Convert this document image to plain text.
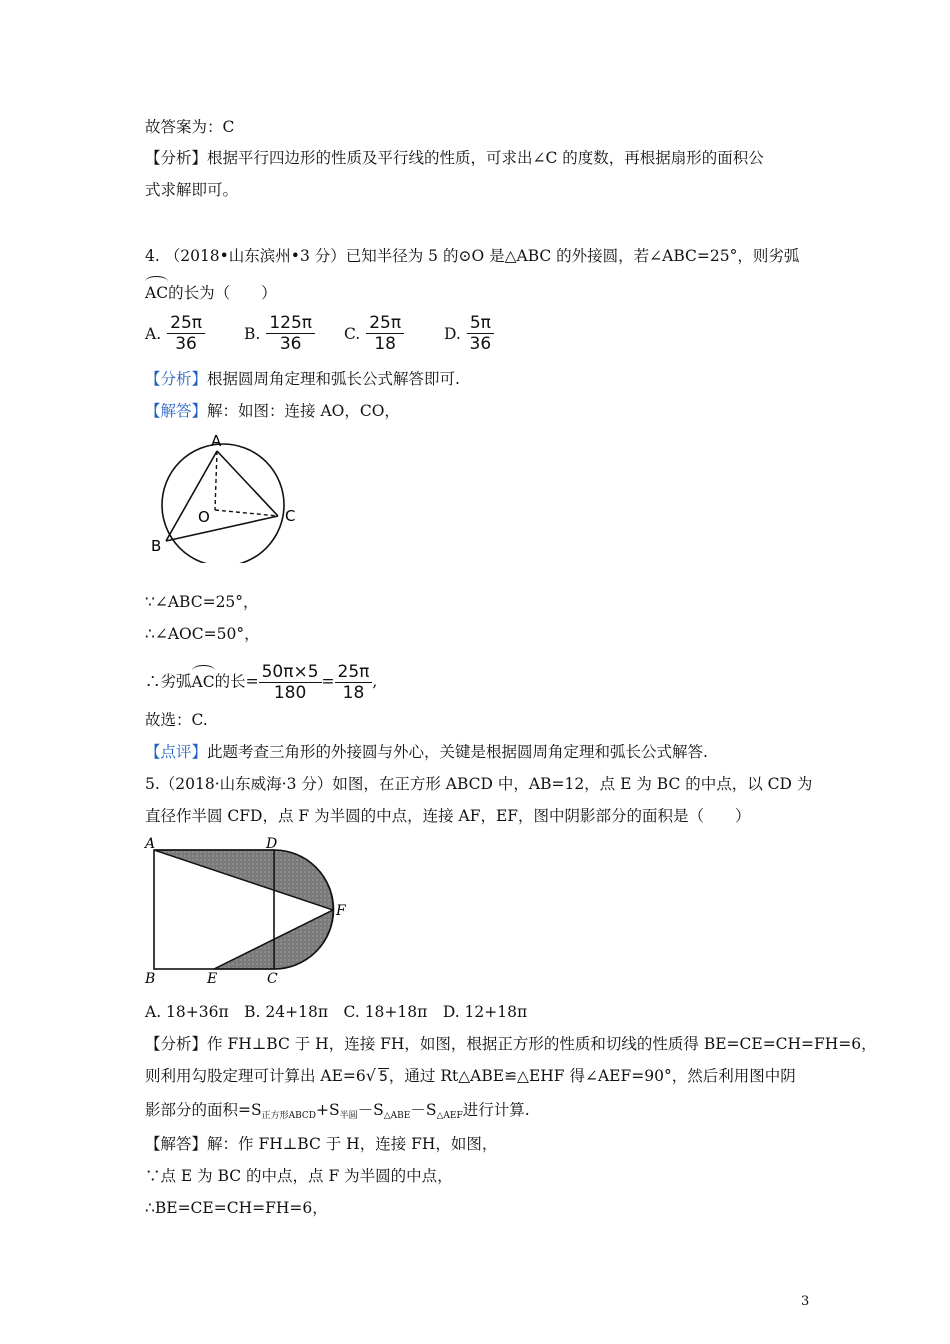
故答案为：C
【分析】根据平行四边形的性质及平行线的性质，可求出∠C 的度数，再根据扇形的面积公
式求解即可。
4. （2018•山东滨州•3 分）已知半径为 5 的⊙O 是△ABC 的外接圆，若∠ABC=25°，则劣弧
AC的长为（　　）
A. $\frac{25\pi}{36}$	B. $\frac{125\pi}{36} C$. $\frac{25\pi}{18}$	D. $\frac{5\pi}{36}$
【分析】根据圆周角定理和弧长公式解答即可.
【解答】解：如图：连接 AO，CO，
A
B
C
O
∵∠ABC=25°，
∴∠AOC=50°，
∴劣弧AC的长= $\frac{50\pi\times 5}{180} = \frac{25\pi}{18}$ ,
故选：C.
【点评】此题考查三角形的外接圆与外心，关键是根据圆周角定理和弧长公式解答.
5.（2018·山东威海·3 分）如图，在正方形 ABCD 中，AB=12，点 E 为 BC 的中点，以 CD 为
直径作半圆 CFD，点 F 为半圆的中点，连接 AF，EF，图中阴影部分的面积是（　　）
A	D
F
B	E	C
A. 18+36π　B. 24+18π　C. 18+18π　D. 12+18π
【分析】作 FH⊥BC 于 H，连接 FH，如图，根据正方形的性质和切线的性质得 BE=CE=CH=FH=6，
则利用勾股定理可计算出 AE=6√ 5，通过 Rt△ABE≌△EHF 得∠AEF=90°，然后利用图中阴
影部分的面积$=S_{正方形ABCD}+S_{半圆}-S_{\triangle ABE}-S_{\triangle AEF}$进行计算.
【解答】解：作 FH⊥BC 于 H，连接 FH，如图，
∵点 E 为 BC 的中点，点 F 为半圆的中点，
∴BE=CE=CH=FH=6，
3
